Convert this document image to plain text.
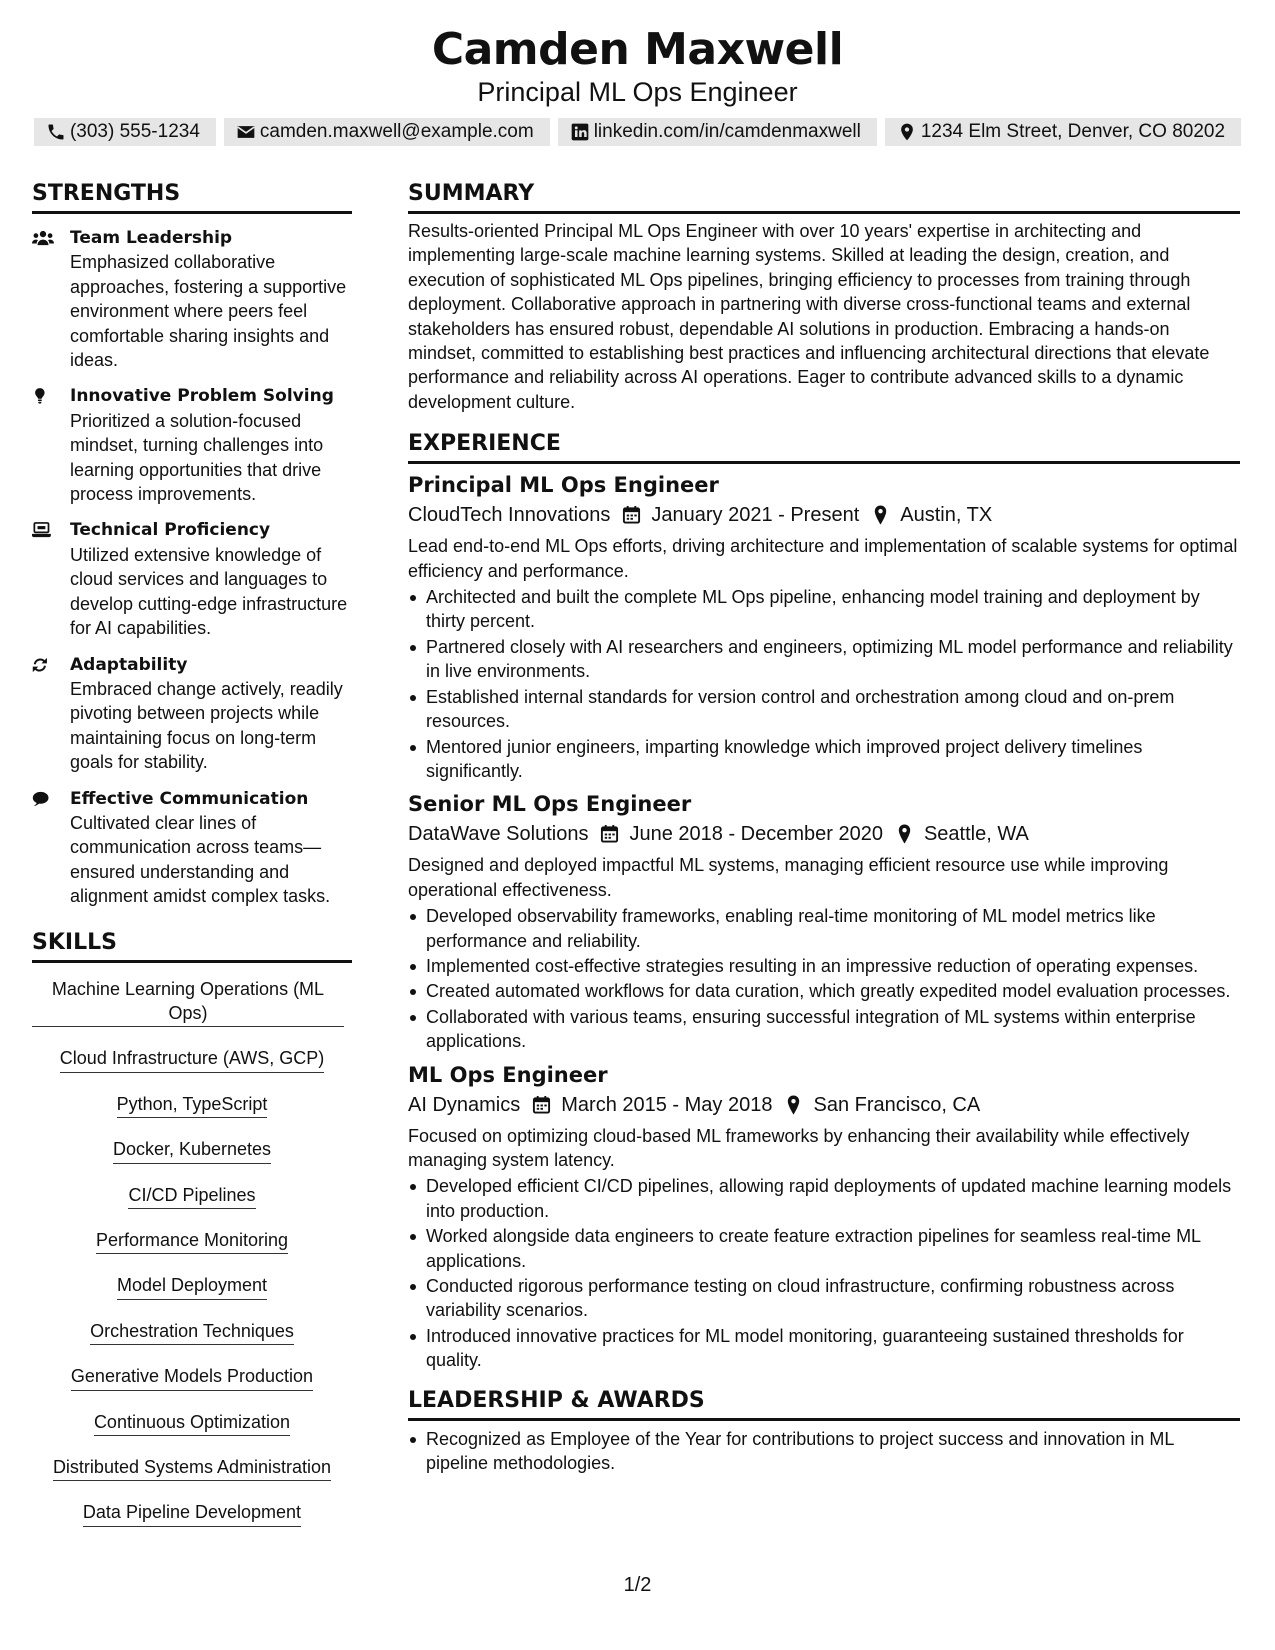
Camden Maxwell
Principal ML Ops Engineer
(303) 555-1234	camden.maxwell@example.com	linkedin.com/in/camdenmaxwell	1234 Elm Street, Denver, CO 80202
STRENGTHS
Team Leadership
Emphasized collaborative approaches, fostering a supportive environment where peers feel comfortable sharing insights and ideas.
Innovative Problem Solving
Prioritized a solution-focused mindset, turning challenges into learning opportunities that drive process improvements.
Technical Proficiency
Utilized extensive knowledge of cloud services and languages to develop cutting-edge infrastructure for AI capabilities.
Adaptability
Embraced change actively, readily pivoting between projects while maintaining focus on long-term goals for stability.
Effective Communication
Cultivated clear lines of communication across teams—ensured understanding and alignment amidst complex tasks.
SKILLS
Machine Learning Operations (ML Ops)
Cloud Infrastructure (AWS, GCP)
Python, TypeScript
Docker, Kubernetes
CI/CD Pipelines
Performance Monitoring
Model Deployment
Orchestration Techniques
Generative Models Production
Continuous Optimization
Distributed Systems Administration
Data Pipeline Development
SUMMARY
Results-oriented Principal ML Ops Engineer with over 10 years' expertise in architecting and implementing large-scale machine learning systems. Skilled at leading the design, creation, and execution of sophisticated ML Ops pipelines, bringing efficiency to processes from training through deployment. Collaborative approach in partnering with diverse cross-functional teams and external stakeholders has ensured robust, dependable AI solutions in production. Embracing a hands-on mindset, committed to establishing best practices and influencing architectural directions that elevate performance and reliability across AI operations. Eager to contribute advanced skills to a dynamic development culture.
EXPERIENCE
Principal ML Ops Engineer
CloudTech Innovations January 2021 - Present Austin, TX
Lead end-to-end ML Ops efforts, driving architecture and implementation of scalable systems for optimal efficiency and performance.
Architected and built the complete ML Ops pipeline, enhancing model training and deployment by thirty percent.
Partnered closely with AI researchers and engineers, optimizing ML model performance and reliability in live environments.
Established internal standards for version control and orchestration among cloud and on-prem resources.
Mentored junior engineers, imparting knowledge which improved project delivery timelines significantly.
Senior ML Ops Engineer
DataWave Solutions June 2018 - December 2020 Seattle, WA
Designed and deployed impactful ML systems, managing efficient resource use while improving operational effectiveness.
Developed observability frameworks, enabling real-time monitoring of ML model metrics like performance and reliability.
Implemented cost-effective strategies resulting in an impressive reduction of operating expenses.
Created automated workflows for data curation, which greatly expedited model evaluation processes.
Collaborated with various teams, ensuring successful integration of ML systems within enterprise applications.
ML Ops Engineer
AI Dynamics March 2015 - May 2018 San Francisco, CA
Focused on optimizing cloud-based ML frameworks by enhancing their availability while effectively managing system latency.
Developed efficient CI/CD pipelines, allowing rapid deployments of updated machine learning models into production.
Worked alongside data engineers to create feature extraction pipelines for seamless real-time ML applications.
Conducted rigorous performance testing on cloud infrastructure, confirming robustness across variability scenarios.
Introduced innovative practices for ML model monitoring, guaranteeing sustained thresholds for quality.
LEADERSHIP & AWARDS
Recognized as Employee of the Year for contributions to project success and innovation in ML pipeline methodologies.
1/2
